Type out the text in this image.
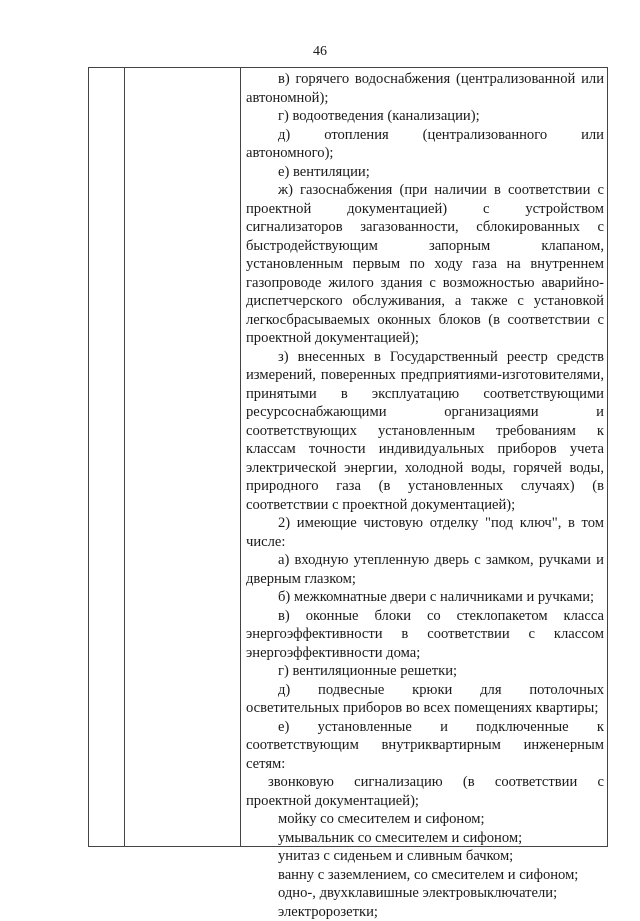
46

в) горячего водоснабжения (централизованной или автономной);

г) водоотведения (канализации);

д) отопления (централизованного или автономного);

е) вентиляции;

ж) газоснабжения (при наличии в соответствии с проектной документацией) с устройством сигнализаторов загазованности, сблокированных с быстродействующим запорным клапаном, установленным первым по ходу газа на внутреннем газопроводе жилого здания с возможностью аварийно-диспетчерского обслуживания, а также с установкой легкосбрасываемых оконных блоков (в соответствии с проектной документацией);

з) внесенных в Государственный реестр средств измерений, поверенных предприятиями-изготовителями, принятыми в эксплуатацию соответствующими ресурсоснабжающими организациями и соответствующих установленным требованиям к классам точности индивидуальных приборов учета электрической энергии, холодной воды, горячей воды, природного газа (в установленных случаях) (в соответствии с проектной документацией);

2) имеющие чистовую отделку "под ключ", в том числе:

а) входную утепленную дверь с замком, ручками и дверным глазком;

б) межкомнатные двери с наличниками и ручками;

в) оконные блоки со стеклопакетом класса энергоэффективности в соответствии с классом энергоэффективности дома;

г) вентиляционные решетки;

д) подвесные крюки для потолочных осветительных приборов во всех помещениях квартиры;

е) установленные и подключенные к соответствующим внутриквартирным инженерным сетям:

звонковую сигнализацию (в соответствии с проектной документацией);

мойку со смесителем и сифоном;

умывальник со смесителем и сифоном;

унитаз с сиденьем и сливным бачком;

ванну с заземлением, со смесителем и сифоном;

одно-, двухклавишные электровыключатели;

электророзетки;
